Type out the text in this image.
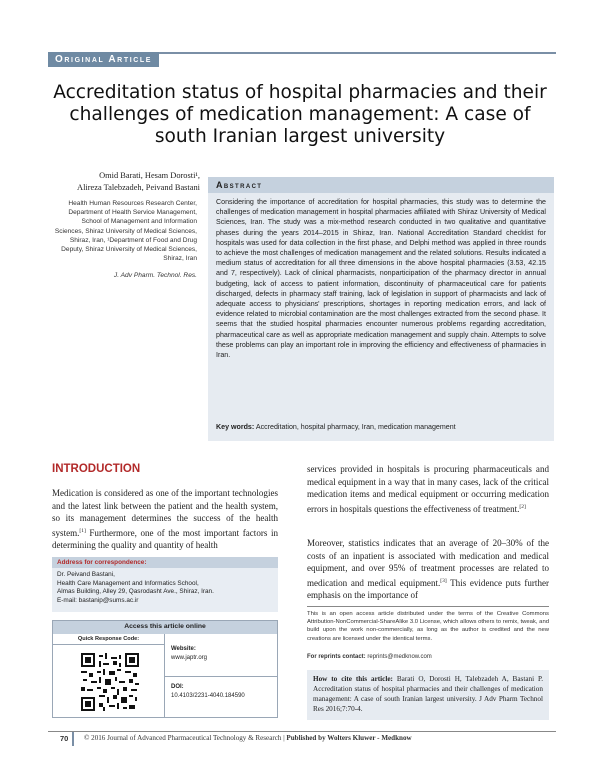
Original Article
Accreditation status of hospital pharmacies and their challenges of medication management: A case of south Iranian largest university
Omid Barati, Hesam Dorosti¹,
Alireza Talebzadeh, Peivand Bastani
Health Human Resources Research Center, Department of Health Service Management, School of Management and Information Sciences, Shiraz University of Medical Sciences, Shiraz, Iran, ¹Department of Food and Drug Deputy, Shiraz University of Medical Sciences, Shiraz, Iran
J. Adv Pharm. Technol. Res.
Abstract
Considering the importance of accreditation for hospital pharmacies, this study was to determine the challenges of medication management in hospital pharmacies affiliated with Shiraz University of Medical Sciences, Iran. The study was a mix-method research conducted in two qualitative and quantitative phases during the years 2014–2015 in Shiraz, Iran. National Accreditation Standard checklist for hospitals was used for data collection in the first phase, and Delphi method was applied in three rounds to achieve the most challenges of medication management and the related solutions. Results indicated a medium status of accreditation for all three dimensions in the above hospital pharmacies (3.53, 42.15 and 7, respectively). Lack of clinical pharmacists, nonparticipation of the pharmacy director in annual budgeting, lack of access to patient information, discontinuity of pharmaceutical care for patients discharged, defects in pharmacy staff training, lack of legislation in support of pharmacists and lack of adequate access to physicians' prescriptions, shortages in reporting medication errors, and lack of evidence related to microbial contamination are the most challenges extracted from the second phase. It seems that the studied hospital pharmacies encounter numerous problems regarding accreditation, pharmaceutical care as well as appropriate medication management and supply chain. Attempts to solve these problems can play an important role in improving the efficiency and effectiveness of pharmacies in Iran.
Key words: Accreditation, hospital pharmacy, Iran, medication management
INTRODUCTION
Medication is considered as one of the important technologies and the latest link between the patient and the health system, so its management determines the success of the health system.[1] Furthermore, one of the most important factors in determining the quality and quantity of health
services provided in hospitals is procuring pharmaceuticals and medical equipment in a way that in many cases, lack of the critical medication items and medical equipment or occurring medication errors in hospitals questions the effectiveness of treatment.[2]
Moreover, statistics indicates that an average of 20–30% of the costs of an inpatient is associated with medication and medical equipment, and over 95% of treatment processes are related to medication and medical equipment.[3] This evidence puts further emphasis on the importance of
Address for correspondence:
Dr. Peivand Bastani,
Health Care Management and Informatics School,
Almas Building, Alley 29, Qasrodasht Ave., Shiraz, Iran.
E-mail: bastanip@sums.ac.ir
Access this article online
Quick Response Code:
Website:
www.japtr.org
DOI:
10.4103/2231-4040.184590
This is an open access article distributed under the terms of the Creative Commons Attribution-NonCommercial-ShareAlike 3.0 License, which allows others to remix, tweak, and build upon the work non-commercially, as long as the author is credited and the new creations are licensed under the identical terms.
For reprints contact: reprints@medknow.com
How to cite this article: Barati O, Dorosti H, Talebzadeh A, Bastani P. Accreditation status of hospital pharmacies and their challenges of medication management: A case of south Iranian largest university. J Adv Pharm Technol Res 2016;7:70-4.
70	© 2016 Journal of Advanced Pharmaceutical Technology & Research | Published by Wolters Kluwer - Medknow
